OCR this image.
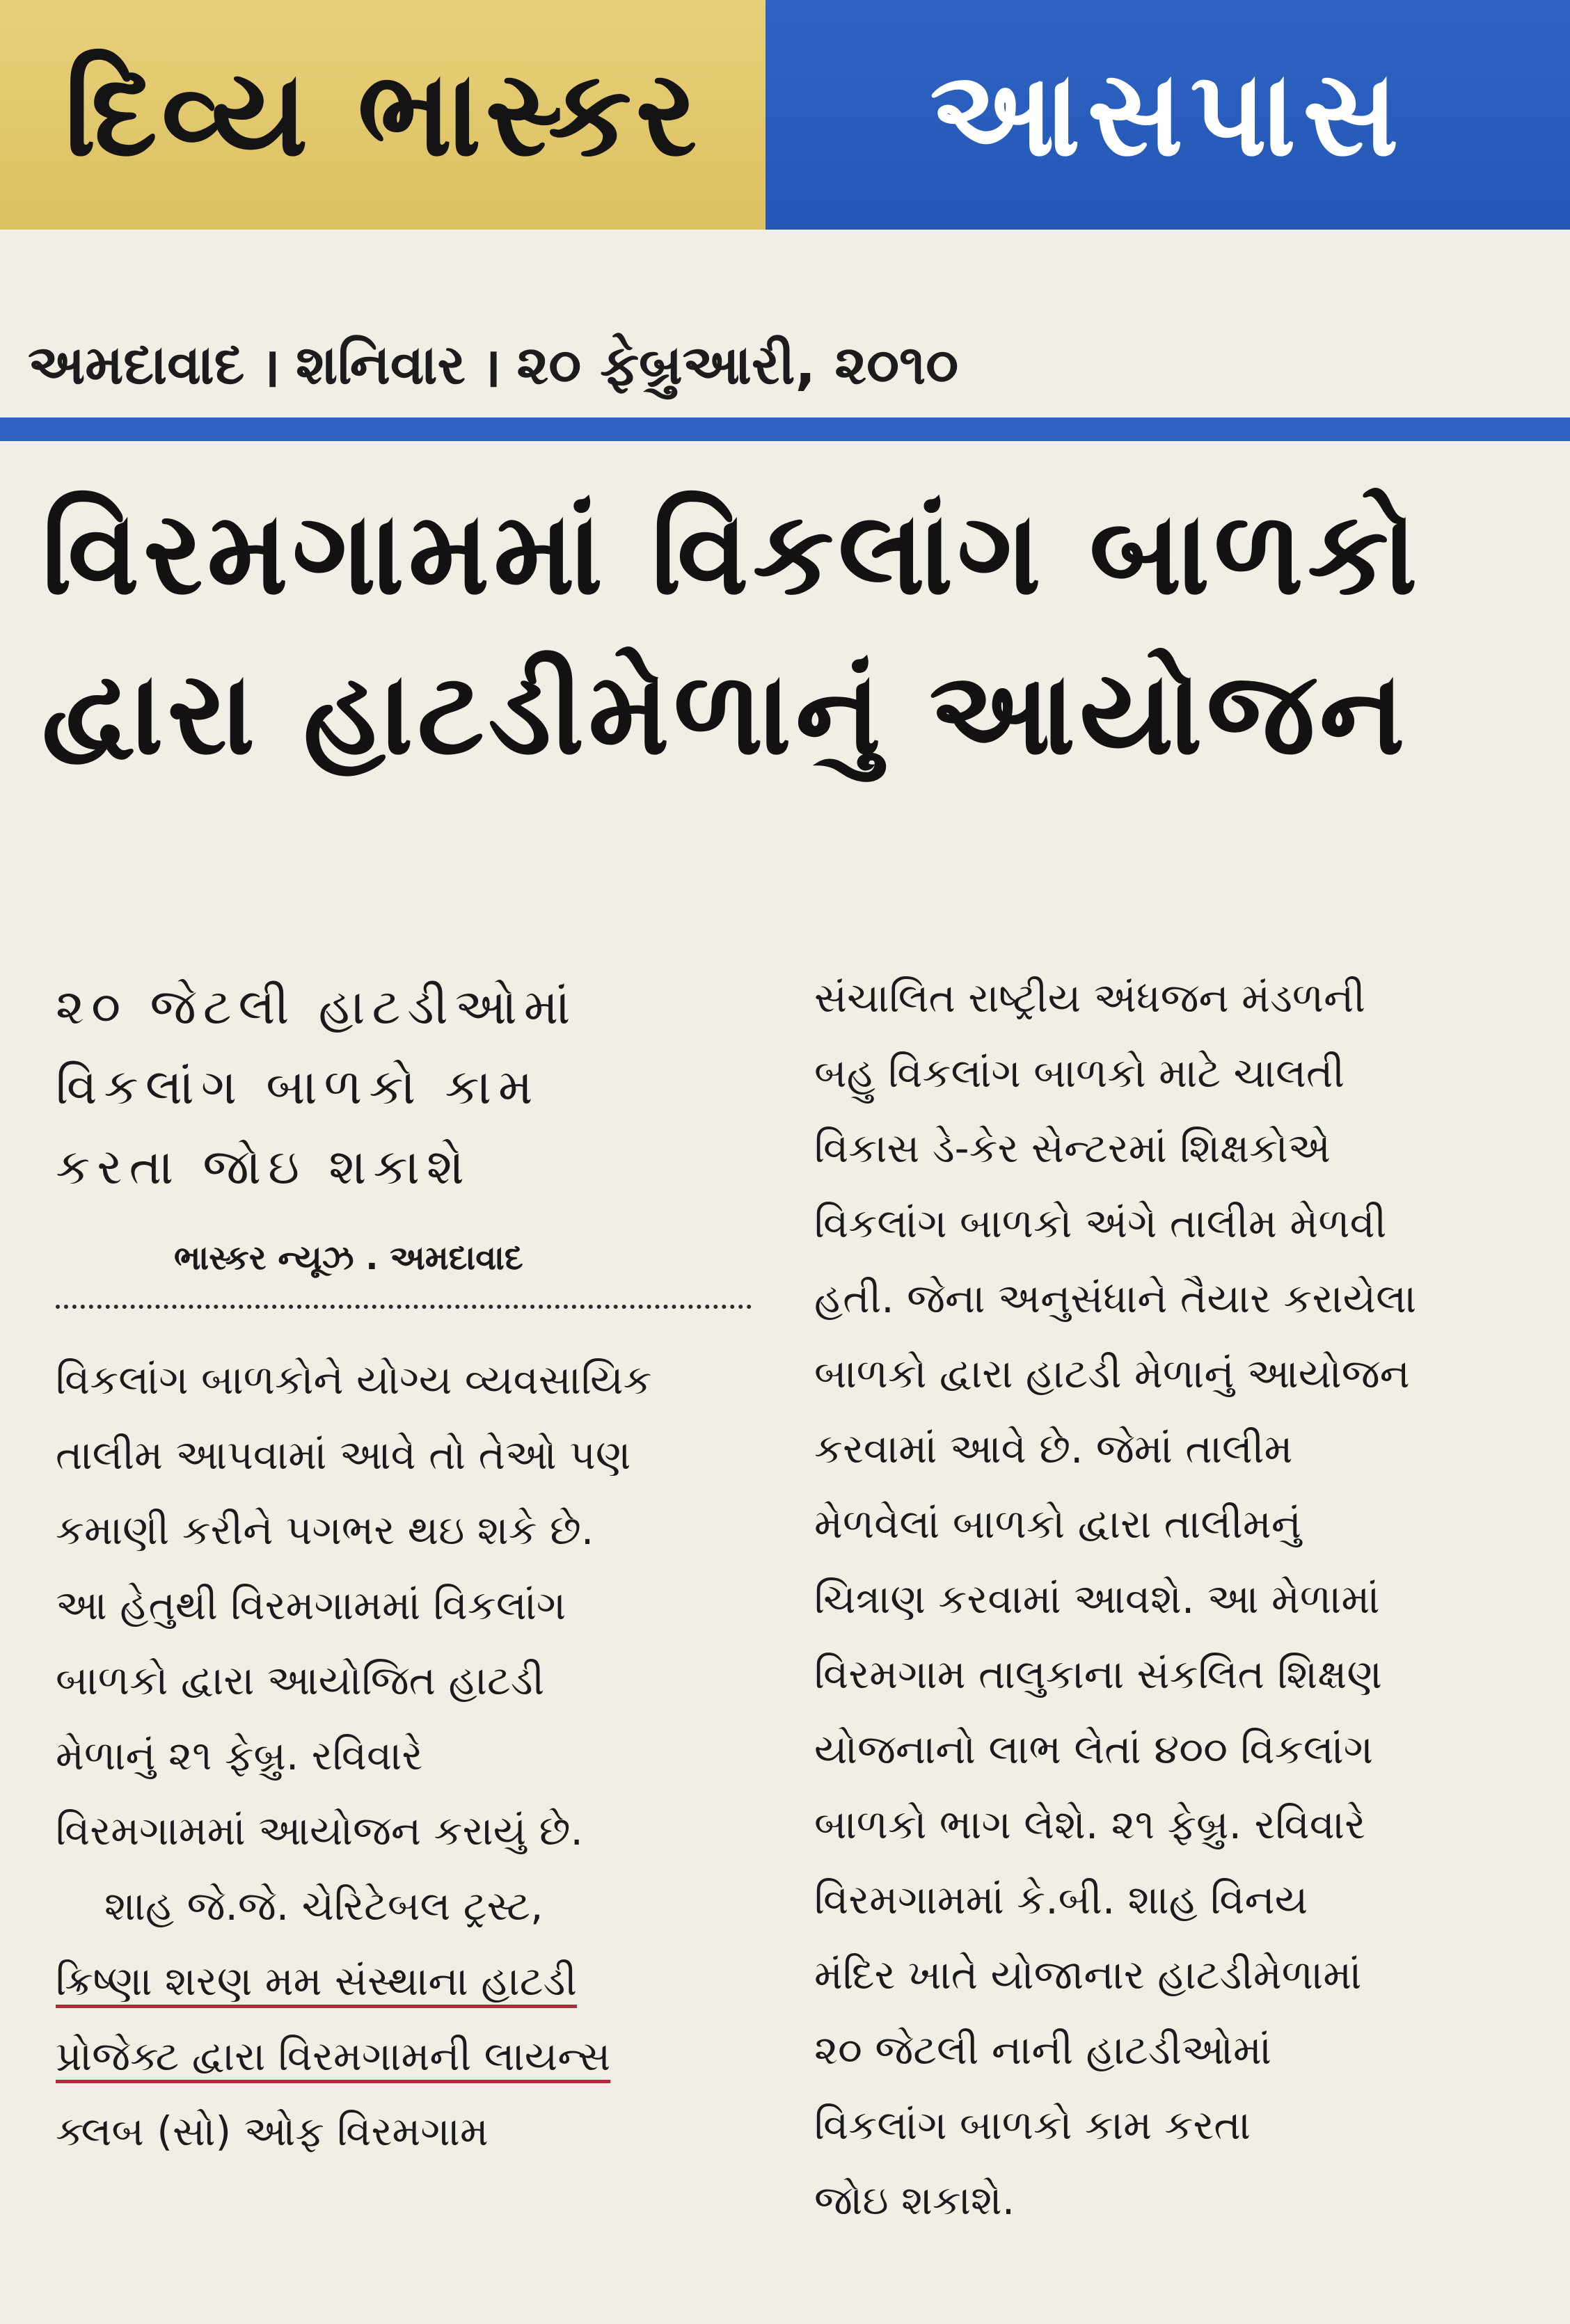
દિવ્ય ભાસ્કર આસપાસ
અમદાવાદ । શનિવાર । ૨૦ ફેબ્રુઆરી, ૨૦૧૦
વિરમગામમાં વિકલાંગ બાળકો
દ્વારા હાટડીમેળાનું આયોજન
૨૦ જેટલી હાટડીઓમાં
વિકલાંગ બાળકો કામ
કરતા જોઇ શકાશે
ભાસ્કર ન્યૂઝ . અમદાવાદ
વિકલાંગ બાળકોને યોગ્ય વ્યવસાયિક
તાલીમ આપવામાં આવે તો તેઓ પણ
કમાણી કરીને પગભર થઇ શકે છે.
આ હેતુથી વિરમગામમાં વિકલાંગ
બાળકો દ્વારા આયોજિત હાટડી
મેળાનું ૨૧ ફેબ્રુ. રવિવારે
વિરમગામમાં આયોજન કરાયું છે.
શાહ જે.જે. ચેરિટેબલ ટ્રસ્ટ,
ક્રિષ્ણા શરણ મમ સંસ્થાના હાટડી
પ્રોજેક્ટ દ્વારા વિરમગામની લાયન્સ
ક્લબ (સો) ઓફ વિરમગામ
સંચાલિત રાષ્ટ્રીય અંધજન મંડળની
બહુ વિકલાંગ બાળકો માટે ચાલતી
વિકાસ ડે-કેર સેન્ટરમાં શિક્ષકોએ
વિકલાંગ બાળકો અંગે તાલીમ મેળવી
હતી. જેના અનુસંધાને તૈયાર કરાયેલા
બાળકો દ્વારા હાટડી મેળાનું આયોજન
કરવામાં આવે છે. જેમાં તાલીમ
મેળવેલાં બાળકો દ્વારા તાલીમનું
ચિત્રાણ કરવામાં આવશે. આ મેળામાં
વિરમગામ તાલુકાના સંકલિત શિક્ષણ
યોજનાનો લાભ લેતાં ૪૦૦ વિકલાંગ
બાળકો ભાગ લેશે. ૨૧ ફેબ્રુ. રવિવારે
વિરમગામમાં કે.બી. શાહ વિનય
મંદિર ખાતે યોજાનાર હાટડીમેળામાં
૨૦ જેટલી નાની હાટડીઓમાં
વિકલાંગ બાળકો કામ કરતા
જોઇ શકાશે.
